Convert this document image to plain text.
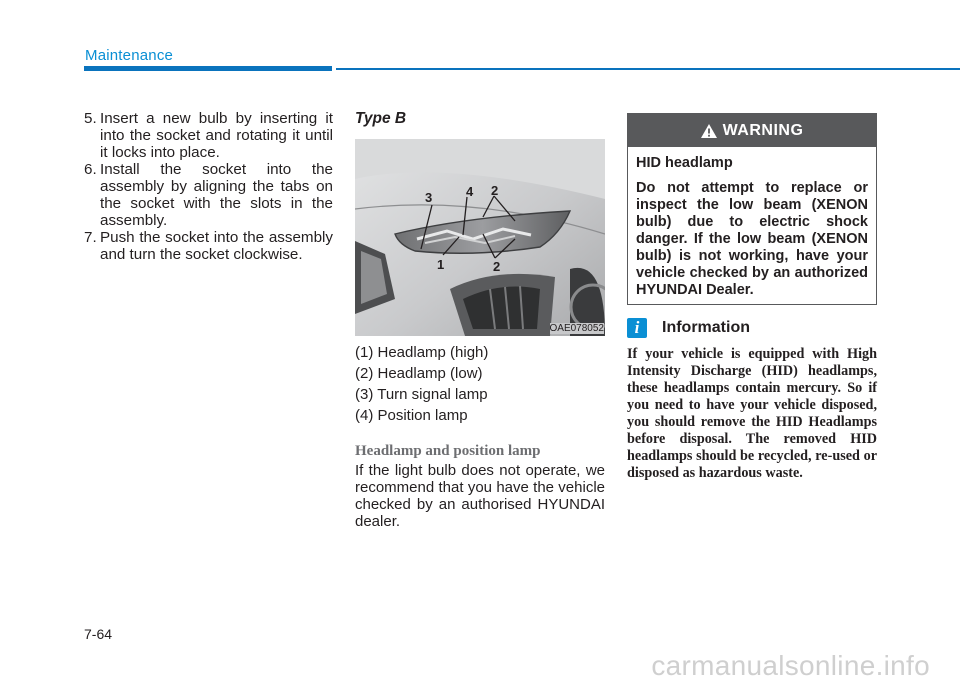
Maintenance
5. Insert a new bulb by inserting it into the socket and rotating it until it locks into place.
6. Install the socket into the assembly by aligning the tabs on the socket with the slots in the assembly.
7. Push the socket into the assembly and turn the socket clockwise.
Type B
3	4 2
1	2
OAE078052
(1) Headlamp (high)
(2) Headlamp (low)
(3) Turn signal lamp
(4) Position lamp
Headlamp and position lamp
If the light bulb does not operate, we recommend that you have the vehicle checked by an authorised HYUNDAI dealer.
WARNING
HID headlamp
Do not attempt to replace or inspect the low beam (XENON bulb) due to electric shock danger. If the low beam (XENON bulb) is not working, have your vehicle checked by an authorized HYUNDAI Dealer.
i	Information
If your vehicle is equipped with High Intensity Discharge (HID) headlamps, these headlamps contain mercury. So if you need to have your vehicle disposed, you should remove the HID Headlamps before disposal. The removed HID headlamps should be recycled, re-used or disposed as hazardous waste.
7-64
carmanualsonline.info
